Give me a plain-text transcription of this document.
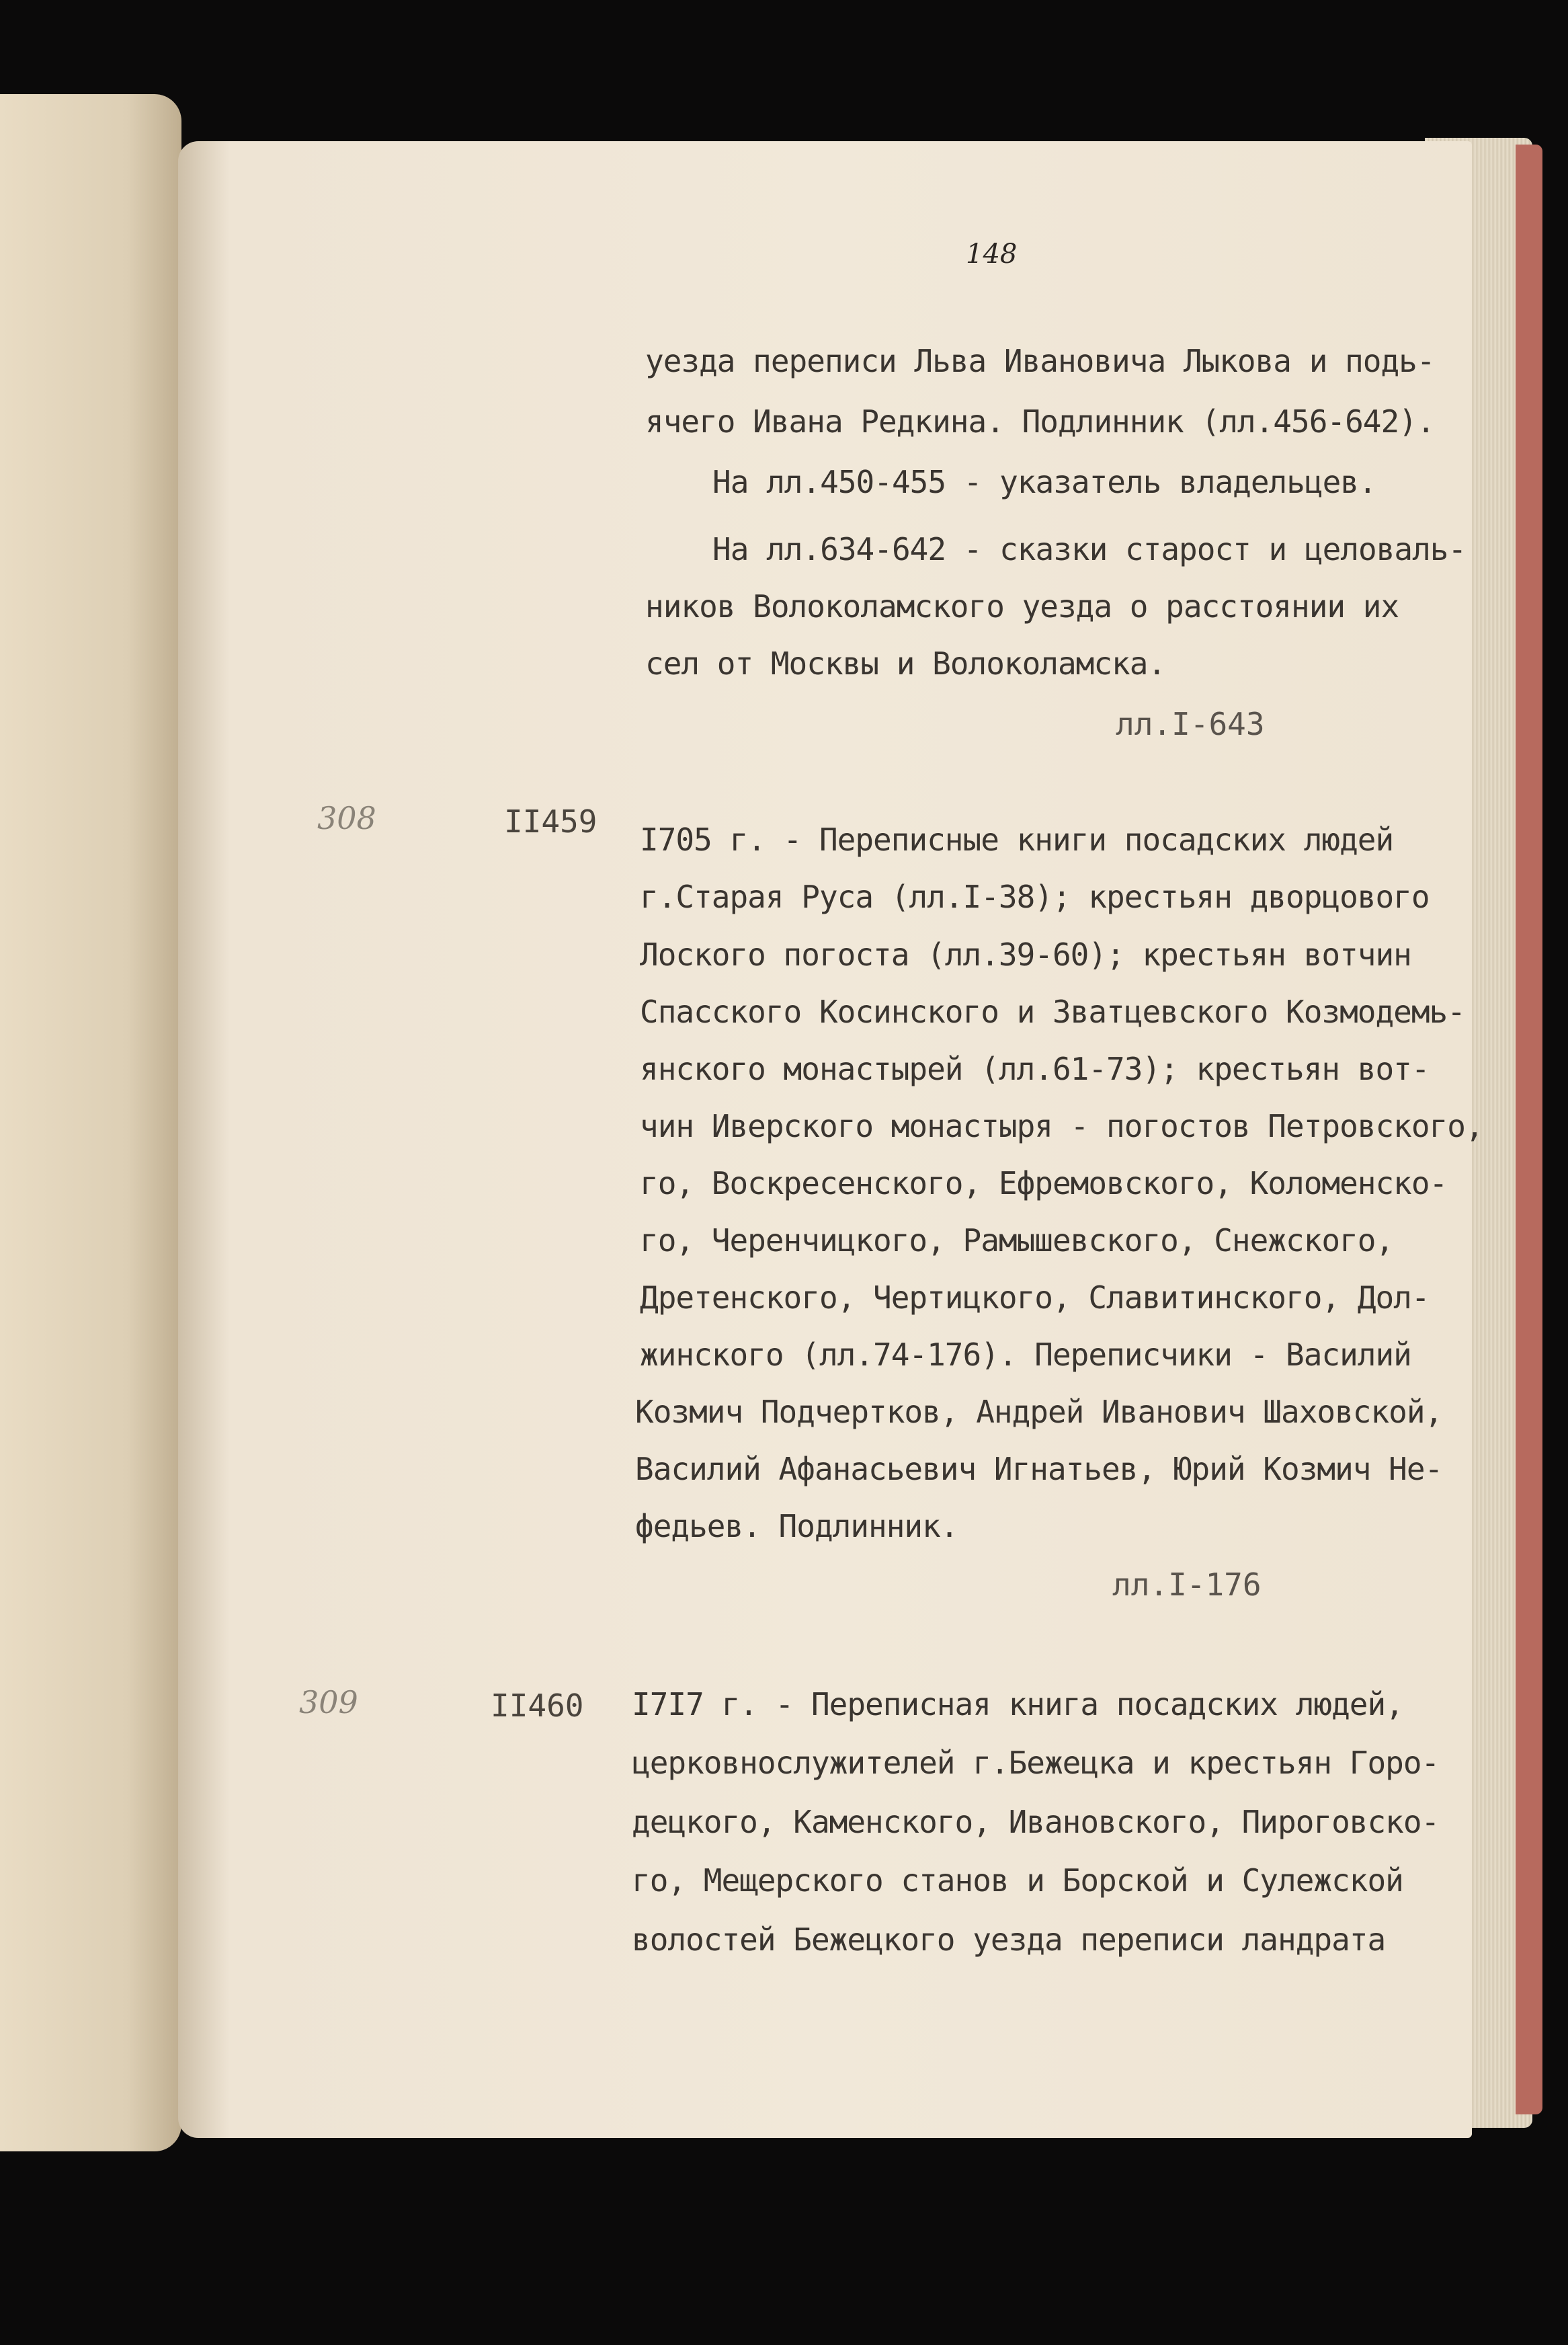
148
уезда переписи Льва Ивановича Лыкова и подь-
ячего Ивана Редкина. Подлинник (лл.456-642).
На лл.450-455 - указатель владельцев.
На лл.634-642 - сказки старост и целоваль-
ников Волоколамского уезда о расстоянии их
сел от Москвы и Волоколамска.
лл.I-643
308	II459 I705 г. - Переписные книги посадских людей
г.Старая Руса (лл.I-38); крестьян дворцового
Лоского погоста (лл.39-60); крестьян вотчин
Спасского Косинского и Зватцевского Козмодемь-
янского монастырей (лл.61-73); крестьян вот-
чин Иверского монастыря - погостов Петровского,
го, Воскресенского, Ефремовского, Коломенско-
го, Черенчицкого, Рамышевского, Снежского,
Дретенского, Чертицкого, Славитинского, Дол-
жинского (лл.74-176). Переписчики - Василий
Козмич Подчертков, Андрей Иванович Шаховской,
Василий Афанасьевич Игнатьев, Юрий Козмич Не-
федьев. Подлинник.
лл.I-176
309	II460 I7I7 г. - Переписная книга посадских людей,
церковнослужителей г.Бежецка и крестьян Горо-
децкого, Каменского, Ивановского, Пироговско-
го, Мещерского станов и Борской и Сулежской
волостей Бежецкого уезда переписи ландрата
